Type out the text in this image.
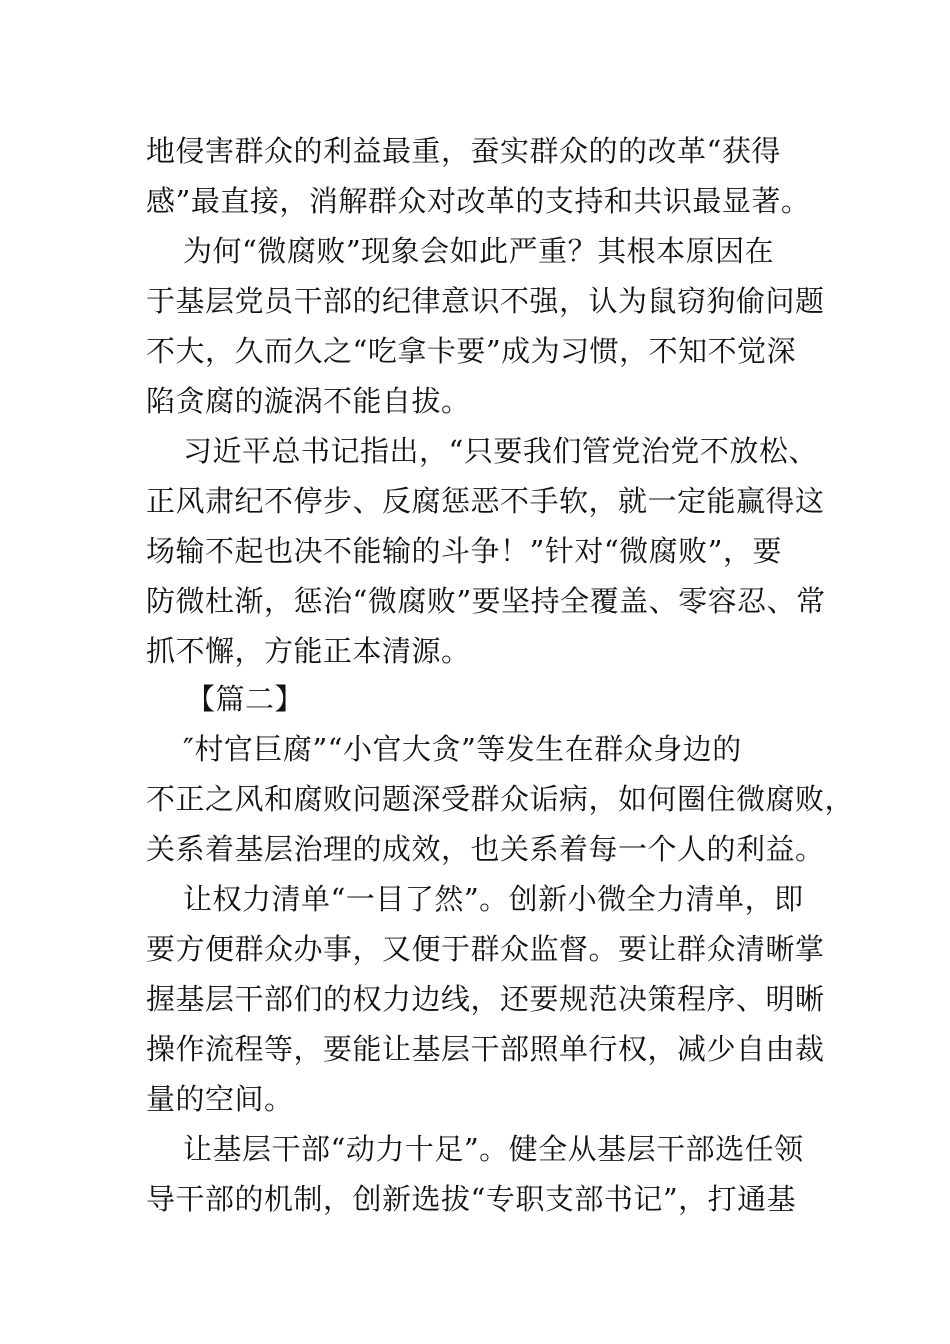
地侵害群众的利益最重，蚕实群众的的改革“获得
感”最直接，消解群众对改革的支持和共识最显著。
为何“微腐败”现象会如此严重？其根本原因在
于基层党员干部的纪律意识不强，认为鼠窃狗偷问题
不大，久而久之“吃拿卡要”成为习惯，不知不觉深
陷贪腐的漩涡不能自拔。
习近平总书记指出，“只要我们管党治党不放松、
正风肃纪不停步、反腐惩恶不手软，就一定能赢得这
场输不起也决不能输的斗争！”针对“微腐败”，要
防微杜渐，惩治“微腐败”要坚持全覆盖、零容忍、常
抓不懈，方能正本清源。
【篇二】
″村官巨腐”“小官大贪”等发生在群众身边的
不正之风和腐败问题深受群众诟病，如何圈住微腐败，
关系着基层治理的成效，也关系着每一个人的利益。
让权力清单“一目了然”。创新小微全力清单，即
要方便群众办事，又便于群众监督。要让群众清晰掌
握基层干部们的权力边线，还要规范决策程序、明晰
操作流程等，要能让基层干部照单行权，减少自由裁
量的空间。
让基层干部“动力十足”。健全从基层干部选任领
导干部的机制，创新选拔“专职支部书记”，打通基
